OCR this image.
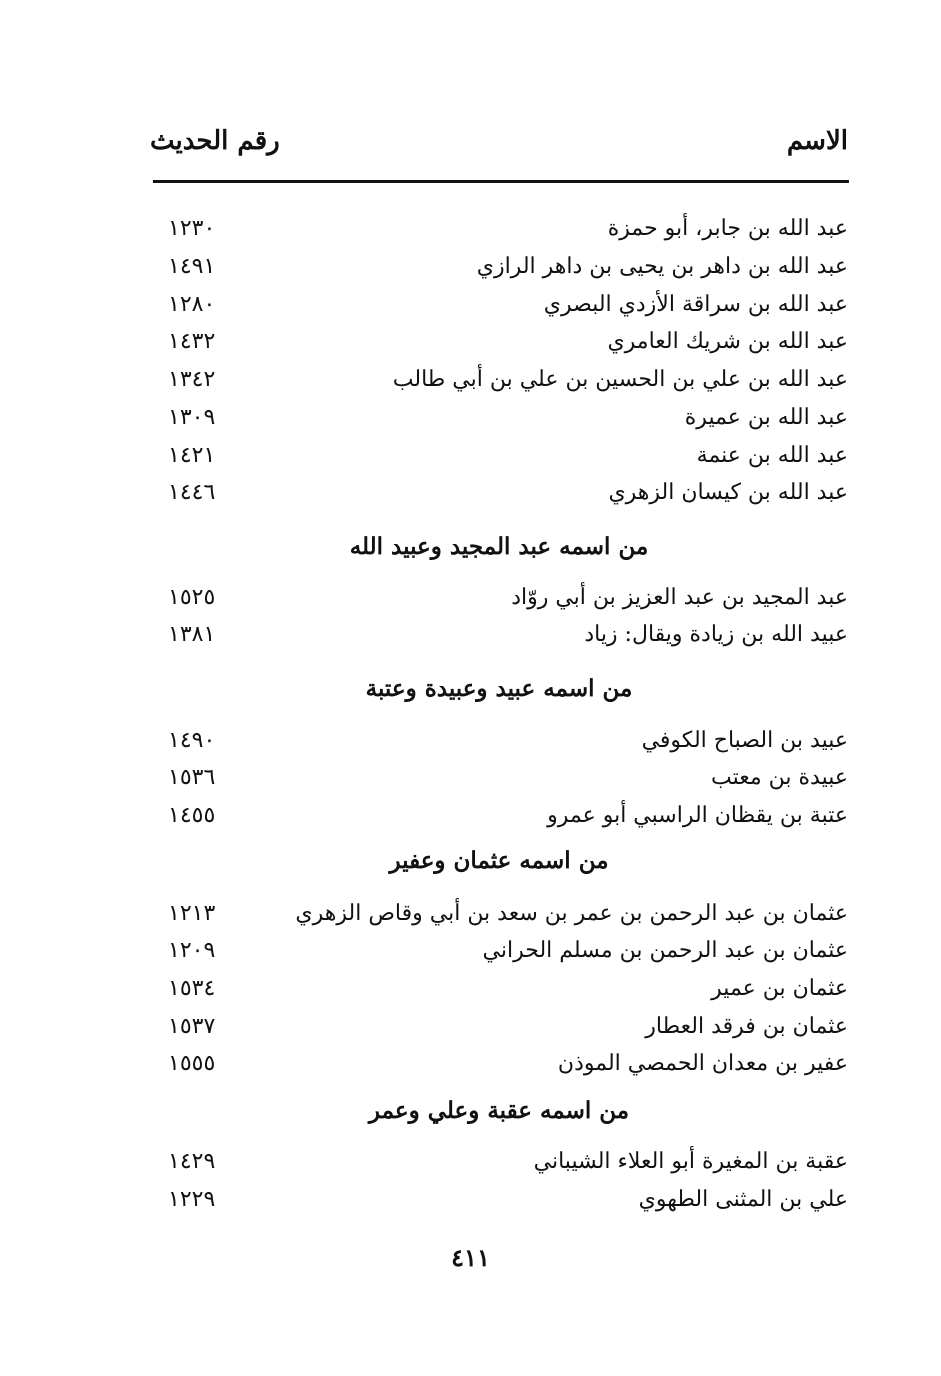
الاسم
رقم الحديث
عبد الله بن جابر، أبو حمزة
١٢٣٠
عبد الله بن داهر بن يحيى بن داهر الرازي
١٤٩١
عبد الله بن سراقة الأزدي البصري
١٢٨٠
عبد الله بن شريك العامري
١٤٣٢
عبد الله بن علي بن الحسين بن علي بن أبي طالب
١٣٤٢
عبد الله بن عميرة
١٣٠٩
عبد الله بن عنمة
١٤٢١
عبد الله بن كيسان الزهري
١٤٤٦
من اسمه عبد المجيد وعبيد الله
عبد المجيد بن عبد العزيز بن أبي روّاد
١٥٢٥
عبيد الله بن زيادة ويقال: زياد
١٣٨١
من اسمه عبيد وعبيدة وعتبة
عبيد بن الصباح الكوفي
١٤٩٠
عبيدة بن معتب
١٥٣٦
عتبة بن يقظان الراسبي أبو عمرو
١٤٥٥
من اسمه عثمان وعفير
عثمان بن عبد الرحمن بن عمر بن سعد بن أبي وقاص الزهري
١٢١٣
عثمان بن عبد الرحمن بن مسلم الحراني
١٢٠٩
عثمان بن عمير
١٥٣٤
عثمان بن فرقد العطار
١٥٣٧
عفير بن معدان الحمصي الموذن
١٥٥٥
من اسمه عقبة وعلي وعمر
عقبة بن المغيرة أبو العلاء الشيباني
١٤٢٩
علي بن المثنى الطهوي
١٢٢٩
٤١١
